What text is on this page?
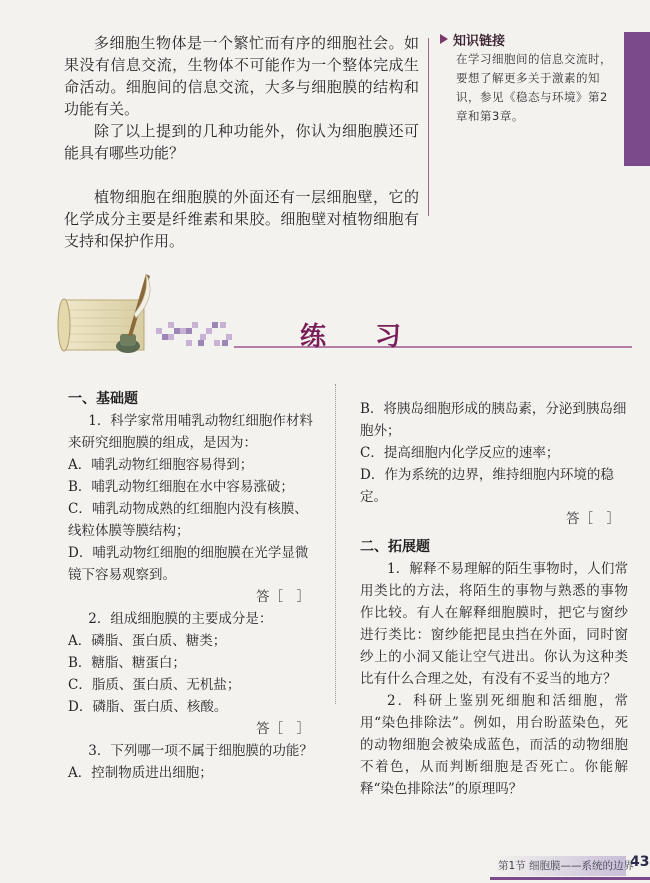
多细胞生物体是一个繁忙而有序的细胞社会。如果没有信息交流，生物体不可能作为一个整体完成生命活动。细胞间的信息交流，大多与细胞膜的结构和功能有关。

除了以上提到的几种功能外，你认为细胞膜还可能具有哪些功能？

植物细胞在细胞膜的外面还有一层细胞壁，它的化学成分主要是纤维素和果胶。细胞壁对植物细胞有支持和保护作用。

知识链接
在学习细胞间的信息交流时，要想了解更多关于激素的知识，参见《稳态与环境》第2章和第3章。
练 习
一、基础题

1．科学家常用哺乳动物红细胞作材料来研究细胞膜的组成，是因为：

A．哺乳动物红细胞容易得到；

B．哺乳动物红细胞在水中容易涨破；

C．哺乳动物成熟的红细胞内没有核膜、线粒体膜等膜结构；

D．哺乳动物红细胞的细胞膜在光学显微镜下容易观察到。

答［　］

2．组成细胞膜的主要成分是：

A．磷脂、蛋白质、糖类；

B．糖脂、糖蛋白；

C．脂质、蛋白质、无机盐；

D．磷脂、蛋白质、核酸。

答［　］

3．下列哪一项不属于细胞膜的功能？

A．控制物质进出细胞；

B．将胰岛细胞形成的胰岛素，分泌到胰岛细胞外；

C．提高细胞内化学反应的速率；

D．作为系统的边界，维持细胞内环境的稳定。

答［　］

二、拓展题

1．解释不易理解的陌生事物时，人们常用类比的方法，将陌生的事物与熟悉的事物作比较。有人在解释细胞膜时，把它与窗纱进行类比：窗纱能把昆虫挡在外面，同时窗纱上的小洞又能让空气进出。你认为这种类比有什么合理之处，有没有不妥当的地方？

2．科研上鉴别死细胞和活细胞，常用“染色排除法”。例如，用台盼蓝染色，死的动物细胞会被染成蓝色，而活的动物细胞不着色，从而判断细胞是否死亡。你能解释“染色排除法”的原理吗？

第1节 细胞膜——系统的边界
43
